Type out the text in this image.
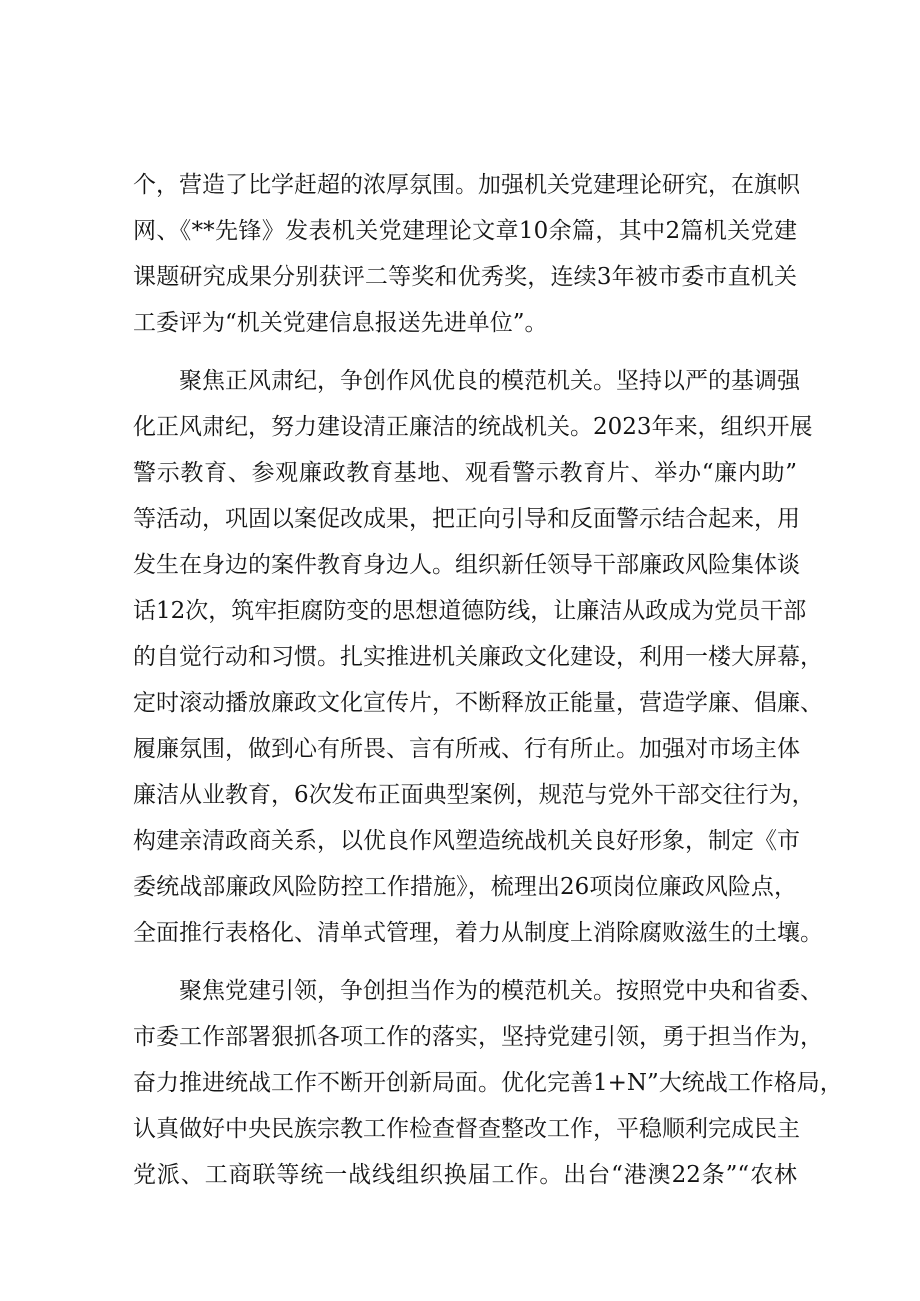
个，营造了比学赶超的浓厚氛围。加强机关党建理论研究，在旗帜
网、《**先锋》发表机关党建理论文章10余篇，其中2篇机关党建
课题研究成果分别获评二等奖和优秀奖，连续3年被市委市直机关
工委评为“机关党建信息报送先进单位”。
聚焦正风肃纪，争创作风优良的模范机关。坚持以严的基调强
化正风肃纪，努力建设清正廉洁的统战机关。2023年来，组织开展
警示教育、参观廉政教育基地、观看警示教育片、举办“廉内助”
等活动，巩固以案促改成果，把正向引导和反面警示结合起来，用
发生在身边的案件教育身边人。组织新任领导干部廉政风险集体谈
话12次，筑牢拒腐防变的思想道德防线，让廉洁从政成为党员干部
的自觉行动和习惯。扎实推进机关廉政文化建设，利用一楼大屏幕，
定时滚动播放廉政文化宣传片，不断释放正能量，营造学廉、倡廉、
履廉氛围，做到心有所畏、言有所戒、行有所止。加强对市场主体
廉洁从业教育，6次发布正面典型案例，规范与党外干部交往行为，
构建亲清政商关系，以优良作风塑造统战机关良好形象，制定《市
委统战部廉政风险防控工作措施》，梳理出26项岗位廉政风险点，
全面推行表格化、清单式管理，着力从制度上消除腐败滋生的土壤。
聚焦党建引领，争创担当作为的模范机关。按照党中央和省委、
市委工作部署狠抓各项工作的落实，坚持党建引领，勇于担当作为，
奋力推进统战工作不断开创新局面。优化完善1+N”大统战工作格局，
认真做好中央民族宗教工作检查督查整改工作，平稳顺利完成民主
党派、工商联等统一战线组织换届工作。出台“港澳22条”“农林
